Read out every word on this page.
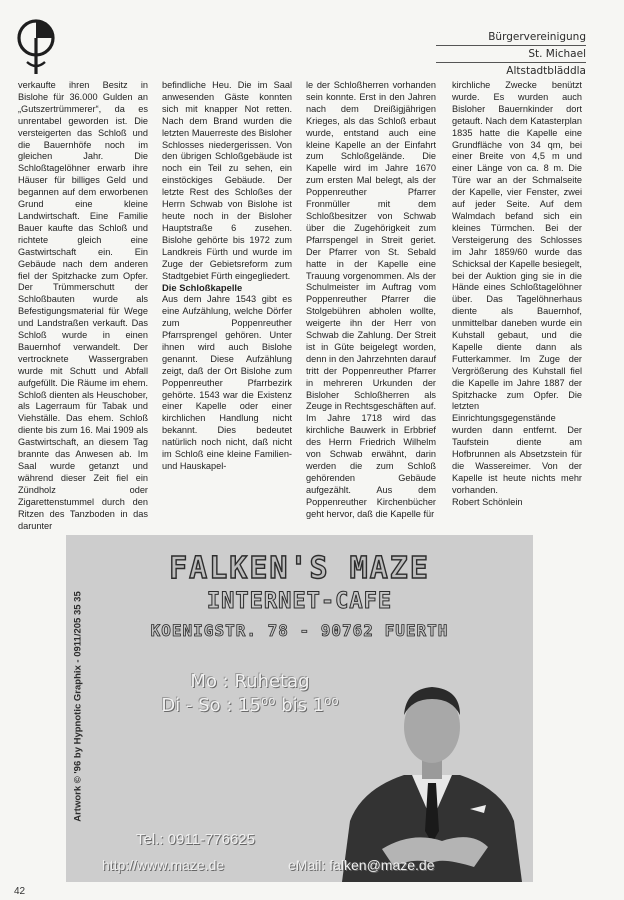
Bürgervereinigung
St. Michael
Altstadtbläddla

verkaufte ihren Besitz in Bislohe für 36.000 Gulden an „Gutszertrümmerer“, da es unrentabel geworden ist. Die versteigerten das Schloß und die Bauernhöfe noch im gleichen Jahr. Die Schloßtagelöhner erwarb ihre Häuser für billiges Geld und begannen auf dem erworbenen Grund eine kleine Landwirtschaft. Eine Familie Bauer kaufte das Schloß und richtete gleich eine Gastwirtschaft ein. Ein Gebäude nach dem anderen fiel der Spitzhacke zum Opfer. Der Trümmerschutt der Schloßbauten wurde als Befestigungsmaterial für Wege und Landstraßen verkauft. Das Schloß wurde in einen Bauernhof verwandelt. Der vertrocknete Wassergraben wurde mit Schutt und Abfall aufgefüllt. Die Räume im ehem. Schloß dienten als Heuschober, als Lagerraum für Tabak und Viehställe. Das ehem. Schloß diente bis zum 16. Mai 1909 als Gastwirtschaft, an diesem Tag brannte das Anwesen ab. Im Saal wurde getanzt und während dieser Zeit fiel ein Zündholz oder Zigarettenstummel durch den Ritzen des Tanzboden in das darunter

befindliche Heu. Die im Saal anwesenden Gäste konnten sich mit knapper Not retten. Nach dem Brand wurden die letzten Mauerreste des Bisloher Schlosses niedergerissen. Von den übrigen Schloßgebäude ist noch ein Teil zu sehen, ein einstöckiges Gebäude. Der letzte Rest des Schloßes der Herrn Schwab von Bislohe ist heute noch in der Bisloher Hauptstraße 6 zusehen. Bislohe gehörte bis 1972 zum Landkreis Fürth und wurde im Zuge der Gebietsreform zum Stadtgebiet Fürth eingegliedert.

Die Schloßkapelle

Aus dem Jahre 1543 gibt es eine Aufzählung, welche Dörfer zum Poppenreuther Pfarrsprengel gehören. Unter ihnen wird auch Bislohe genannt. Diese Aufzählung zeigt, daß der Ort Bislohe zum Poppenreuther Pfarrbezirk gehörte. 1543 war die Existenz einer Kapelle oder einer kirchlichen Handlung nicht bekannt. Dies bedeutet natürlich noch nicht, daß nicht im Schloß eine kleine Familien- und Hauskapel-

le der Schloßherren vorhanden sein konnte. Erst in den Jahren nach dem Dreißigjährigen Krieges, als das Schloß erbaut wurde, entstand auch eine kleine Kapelle an der Einfahrt zum Schloßgelände. Die Kapelle wird im Jahre 1670 zum ersten Mal belegt, als der Poppenreuther Pfarrer Fronmüller mit dem Schloßbesitzer von Schwab über die Zugehörigkeit zum Pfarrspengel in Streit geriet. Der Pfarrer von St. Sebald hatte in der Kapelle eine Trauung vorgenommen. Als der Schulmeister im Auftrag vom Poppenreuther Pfarrer die Stolgebühren abholen wollte, weigerte ihn der Herr von Schwab die Zahlung. Der Streit ist in Güte beigelegt worden, denn in den Jahrzehnten darauf tritt der Poppenreuther Pfarrer in mehreren Urkunden der Bisloher Schloßherren als Zeuge in Rechtsgeschäften auf. Im Jahre 1718 wird das kirchliche Bauwerk in Erbbrief des Herrn Friedrich Wilhelm von Schwab erwähnt, darin werden die zum Schloß gehörenden Gebäude aufgezählt. Aus dem Poppenreuther Kirchenbücher geht hervor, daß die Kapelle für

kirchliche Zwecke benützt wurde. Es wurden auch Bisloher Bauernkinder dort getauft. Nach dem Katasterplan 1835 hatte die Kapelle eine Grundfläche von 34 qm, bei einer Breite von 4,5 m und einer Länge von ca. 8 m. Die Türe war an der Schmalseite der Kapelle, vier Fenster, zwei auf jeder Seite. Auf dem Walmdach befand sich ein kleines Türmchen. Bei der Versteigerung des Schlosses im Jahr 1859/60 wurde das Schicksal der Kapelle besiegelt, bei der Auktion ging sie in die Hände eines Schloßtagelöhner über. Das Tagelöhnerhaus diente als Bauernhof, unmittelbar daneben wurde ein Kuhstall gebaut, und die Kapelle diente dann als Futterkammer. Im Zuge der Vergrößerung des Kuhstall fiel die Kapelle im Jahre 1887 der Spitzhacke zum Opfer. Die letzten Einrichtungsgegenstände wurden dann entfernt. Der Taufstein diente am Hofbrunnen als Absetzstein für die Wassereimer. Von der Kapelle ist heute nichts mehr vorhanden.

Robert Schönlein

Artwork © '96 by Hypnotic Graphix - 0911/205 35 35
FALKEN'S MAZE
INTERNET-CAFE
KOENIGSTR. 78 - 90762 FUERTH
Mo : Ruhetag
Di - So : 15⁰⁰ bis 1⁰⁰
Tel.: 0911-776625
http://www.maze.de	eMail: falken@maze.de
42
